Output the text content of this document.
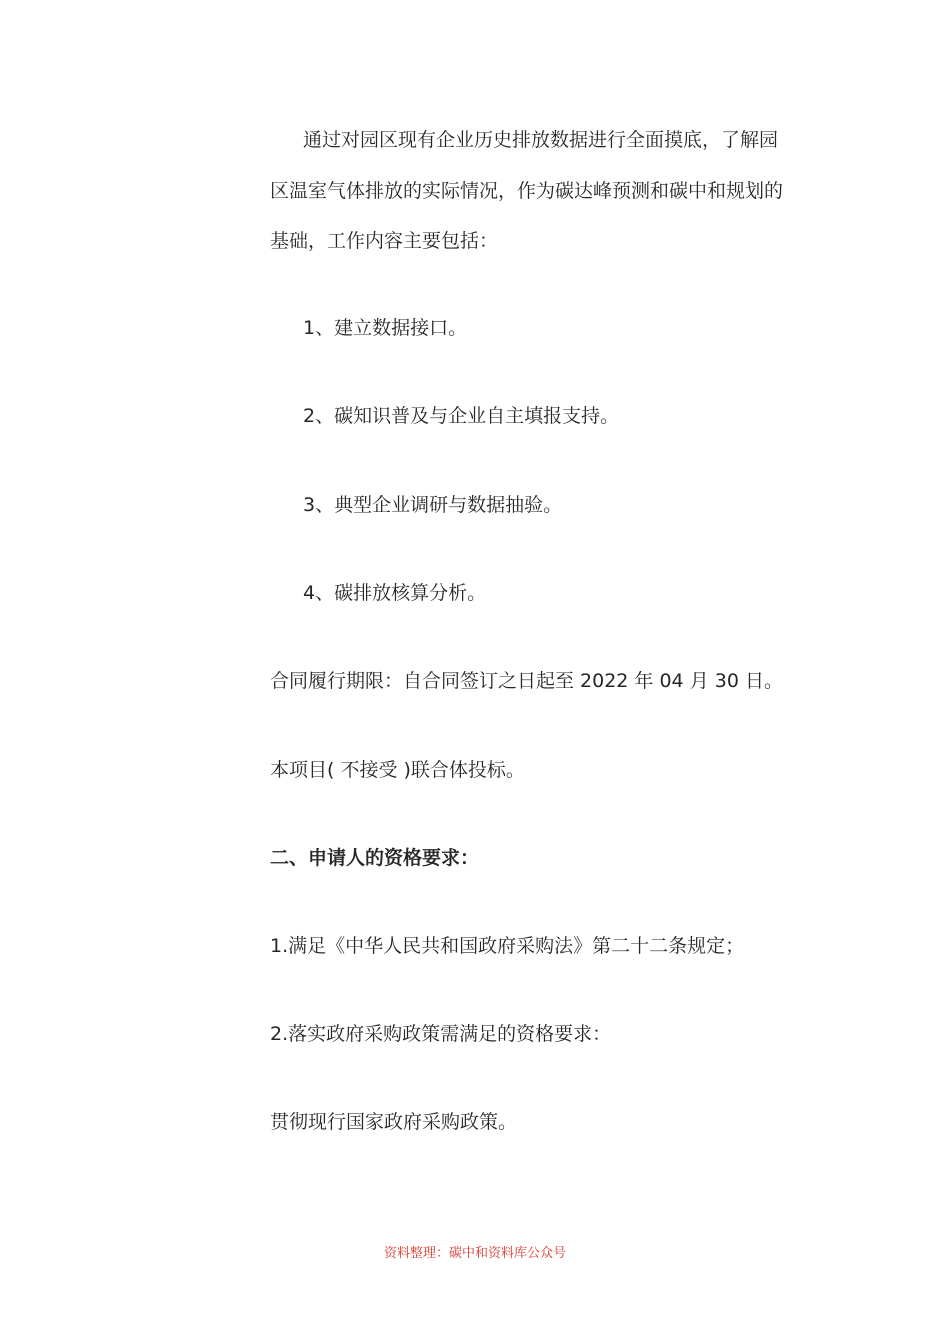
通过对园区现有企业历史排放数据进行全面摸底，了解园
区温室气体排放的实际情况，作为碳达峰预测和碳中和规划的
基础，工作内容主要包括：
1、建立数据接口。
2、碳知识普及与企业自主填报支持。
3、典型企业调研与数据抽验。
4、碳排放核算分析。
合同履行期限：自合同签订之日起至 2022 年 04 月 30 日。
本项目( 不接受 )联合体投标。
二、申请人的资格要求：
1.满足《中华人民共和国政府采购法》第二十二条规定；
2.落实政府采购政策需满足的资格要求：
贯彻现行国家政府采购政策。
资料整理：碳中和资料库公众号
